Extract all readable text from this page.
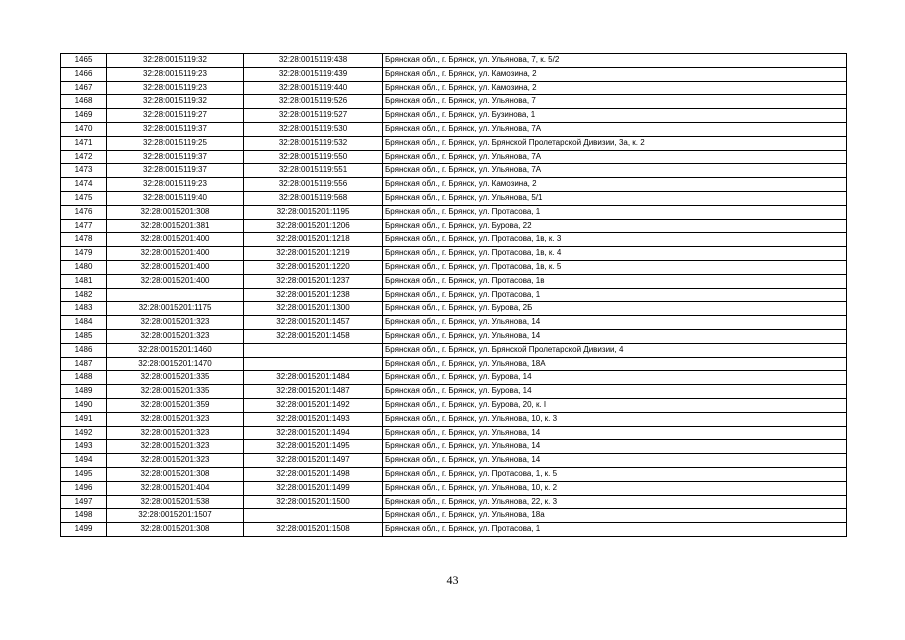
1465	32:28:0015119:32	32:28:0015119:438	Брянская обл., г. Брянск, ул. Ульянова, 7, к. 5/2
1466	32:28:0015119:23	32:28:0015119:439	Брянская обл., г. Брянск, ул. Камозина, 2
1467	32:28:0015119:23	32:28:0015119:440	Брянская обл., г. Брянск, ул. Камозина, 2
1468	32:28:0015119:32	32:28:0015119:526	Брянская обл., г. Брянск, ул. Ульянова, 7
1469	32:28:0015119:27	32:28:0015119:527	Брянская обл., г. Брянск, ул. Бузинова, 1
1470	32:28:0015119:37	32:28:0015119:530	Брянская обл., г. Брянск, ул. Ульянова, 7А
1471	32:28:0015119:25	32:28:0015119:532	Брянская обл., г. Брянск, ул. Брянской Пролетарской Дивизии, 3а, к. 2
1472	32:28:0015119:37	32:28:0015119:550	Брянская обл., г. Брянск, ул. Ульянова, 7А
1473	32:28:0015119:37	32:28:0015119:551	Брянская обл., г. Брянск, ул. Ульянова, 7А
1474	32:28:0015119:23	32:28:0015119:556	Брянская обл., г. Брянск, ул. Камозина, 2
1475	32:28:0015119:40	32:28:0015119:568	Брянская обл., г. Брянск, ул. Ульянова, 5/1
1476	32:28:0015201:308	32:28:0015201:1195	Брянская обл., г. Брянск, ул. Протасова, 1
1477	32:28:0015201:381	32:28:0015201:1206	Брянская обл., г. Брянск, ул. Бурова, 22
1478	32:28:0015201:400	32:28:0015201:1218	Брянская обл., г. Брянск, ул. Протасова, 1в, к. 3
1479	32:28:0015201:400	32:28:0015201:1219	Брянская обл., г. Брянск, ул. Протасова, 1в, к. 4
1480	32:28:0015201:400	32:28:0015201:1220	Брянская обл., г. Брянск, ул. Протасова, 1в, к. 5
1481	32:28:0015201:400	32:28:0015201:1237	Брянская обл., г. Брянск, ул. Протасова, 1в
1482		32:28:0015201:1238	Брянская обл., г. Брянск, ул. Протасова, 1
1483	32:28:0015201:1175	32:28:0015201:1300	Брянская обл., г. Брянск, ул. Бурова, 2Б
1484	32:28:0015201:323	32:28:0015201:1457	Брянская обл., г. Брянск, ул. Ульянова, 14
1485	32:28:0015201:323	32:28:0015201:1458	Брянская обл., г. Брянск, ул. Ульянова, 14
1486	32:28:0015201:1460		Брянская обл., г. Брянск, ул. Брянской Пролетарской Дивизии, 4
1487	32:28:0015201:1470		Брянская обл., г. Брянск, ул. Ульянова, 18А
1488	32:28:0015201:335	32:28:0015201:1484	Брянская обл., г. Брянск, ул. Бурова, 14
1489	32:28:0015201:335	32:28:0015201:1487	Брянская обл., г. Брянск, ул. Бурова, 14
1490	32:28:0015201:359	32:28:0015201:1492	Брянская обл., г. Брянск, ул. Бурова, 20, к. I
1491	32:28:0015201:323	32:28:0015201:1493	Брянская обл., г. Брянск, ул. Ульянова, 10, к. 3
1492	32:28:0015201:323	32:28:0015201:1494	Брянская обл., г. Брянск, ул. Ульянова, 14
1493	32:28:0015201:323	32:28:0015201:1495	Брянская обл., г. Брянск, ул. Ульянова, 14
1494	32:28:0015201:323	32:28:0015201:1497	Брянская обл., г. Брянск, ул. Ульянова, 14
1495	32:28:0015201:308	32:28:0015201:1498	Брянская обл., г. Брянск, ул. Протасова, 1, к. 5
1496	32:28:0015201:404	32:28:0015201:1499	Брянская обл., г. Брянск, ул. Ульянова, 10, к. 2
1497	32:28:0015201:538	32:28:0015201:1500	Брянская обл., г. Брянск, ул. Ульянова, 22, к. 3
1498	32:28:0015201:1507		Брянская обл., г. Брянск, ул. Ульянова, 18а
1499	32:28:0015201:308	32:28:0015201:1508	Брянская обл., г. Брянск, ул. Протасова, 1
43
